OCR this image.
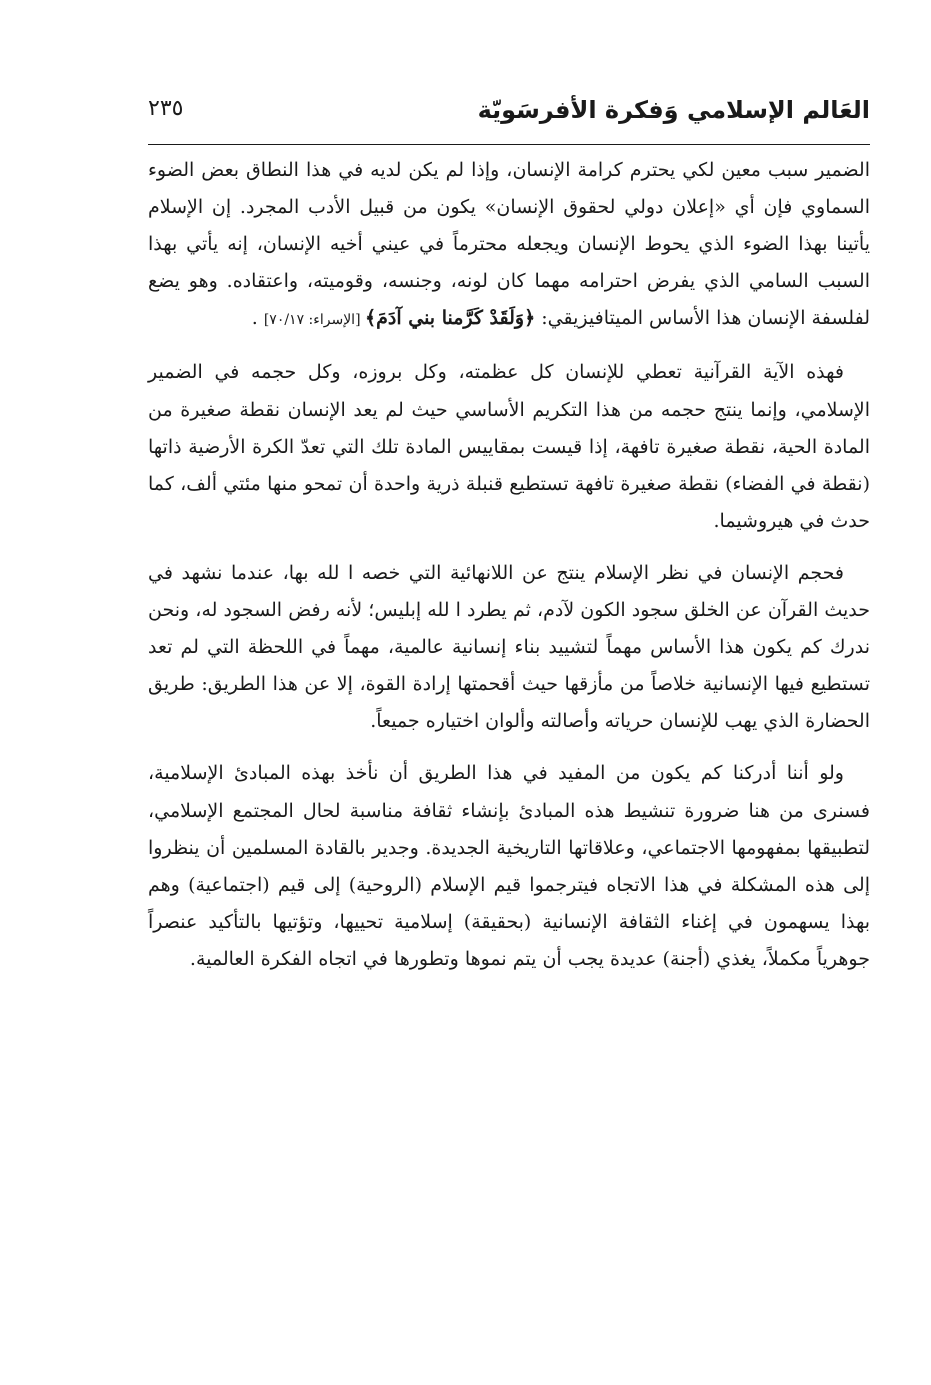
العَالم الإسلامي وَفكرة الأفرسَويّة
٢٣٥

الضمير سبب معين لكي يحترم كرامة الإنسان، وإذا لم يكن لديه في هذا النطاق بعض الضوء السماوي فإن أي «إعلان دولي لحقوق الإنسان» يكون من قبيل الأدب المجرد. إن الإسلام يأتينا بهذا الضوء الذي يحوط الإنسان ويجعله محترماً في عيني أخيه الإنسان، إنه يأتي بهذا السبب السامي الذي يفرض احترامه مهما كان لونه، وجنسه، وقوميته، واعتقاده. وهو يضع لفلسفة الإنسان هذا الأساس الميتافيزيقي: ﴿وَلَقَدْ كَرَّمنا بني آدَمَ﴾ [الإسراء: ٧٠/١٧] .

فهذه الآية القرآنية تعطي للإنسان كل عظمته، وكل بروزه، وكل حجمه في الضمير الإسلامي، وإنما ينتج حجمه من هذا التكريم الأساسي حيث لم يعد الإنسان نقطة صغيرة من المادة الحية، نقطة صغيرة تافهة، إذا قيست بمقاييس المادة تلك التي تعدّ الكرة الأرضية ذاتها (نقطة في الفضاء) نقطة صغيرة تافهة تستطيع قنبلة ذرية واحدة أن تمحو منها مئتي ألف، كما حدث في هيروشيما.

فحجم الإنسان في نظر الإسلام ينتج عن اللانهائية التي خصه ا لله بها، عندما نشهد في حديث القرآن عن الخلق سجود الكون لآدم، ثم يطرد ا لله إبليس؛ لأنه رفض السجود له، ونحن ندرك كم يكون هذا الأساس مهماً لتشييد بناء إنسانية عالمية، مهماً في اللحظة التي لم تعد تستطيع فيها الإنسانية خلاصاً من مأزقها حيث أقحمتها إرادة القوة، إلا عن هذا الطريق: طريق الحضارة الذي يهب للإنسان حرياته وأصالته وألوان اختياره جميعاً.

ولو أننا أدركنا كم يكون من المفيد في هذا الطريق أن نأخذ بهذه المبادئ الإسلامية، فسنرى من هنا ضرورة تنشيط هذه المبادئ بإنشاء ثقافة مناسبة لحال المجتمع الإسلامي، لتطبيقها بمفهومها الاجتماعي، وعلاقاتها التاريخية الجديدة. وجدير بالقادة المسلمين أن ينظروا إلى هذه المشكلة في هذا الاتجاه فيترجموا قيم الإسلام (الروحية) إلى قيم (اجتماعية) وهم بهذا يسهمون في إغناء الثقافة الإنسانية (بحقيقة) إسلامية تحييها، وتؤتيها بالتأكيد عنصراً جوهرياً مكملاً، يغذي (أجنة) عديدة يجب أن يتم نموها وتطورها في اتجاه الفكرة العالمية.
